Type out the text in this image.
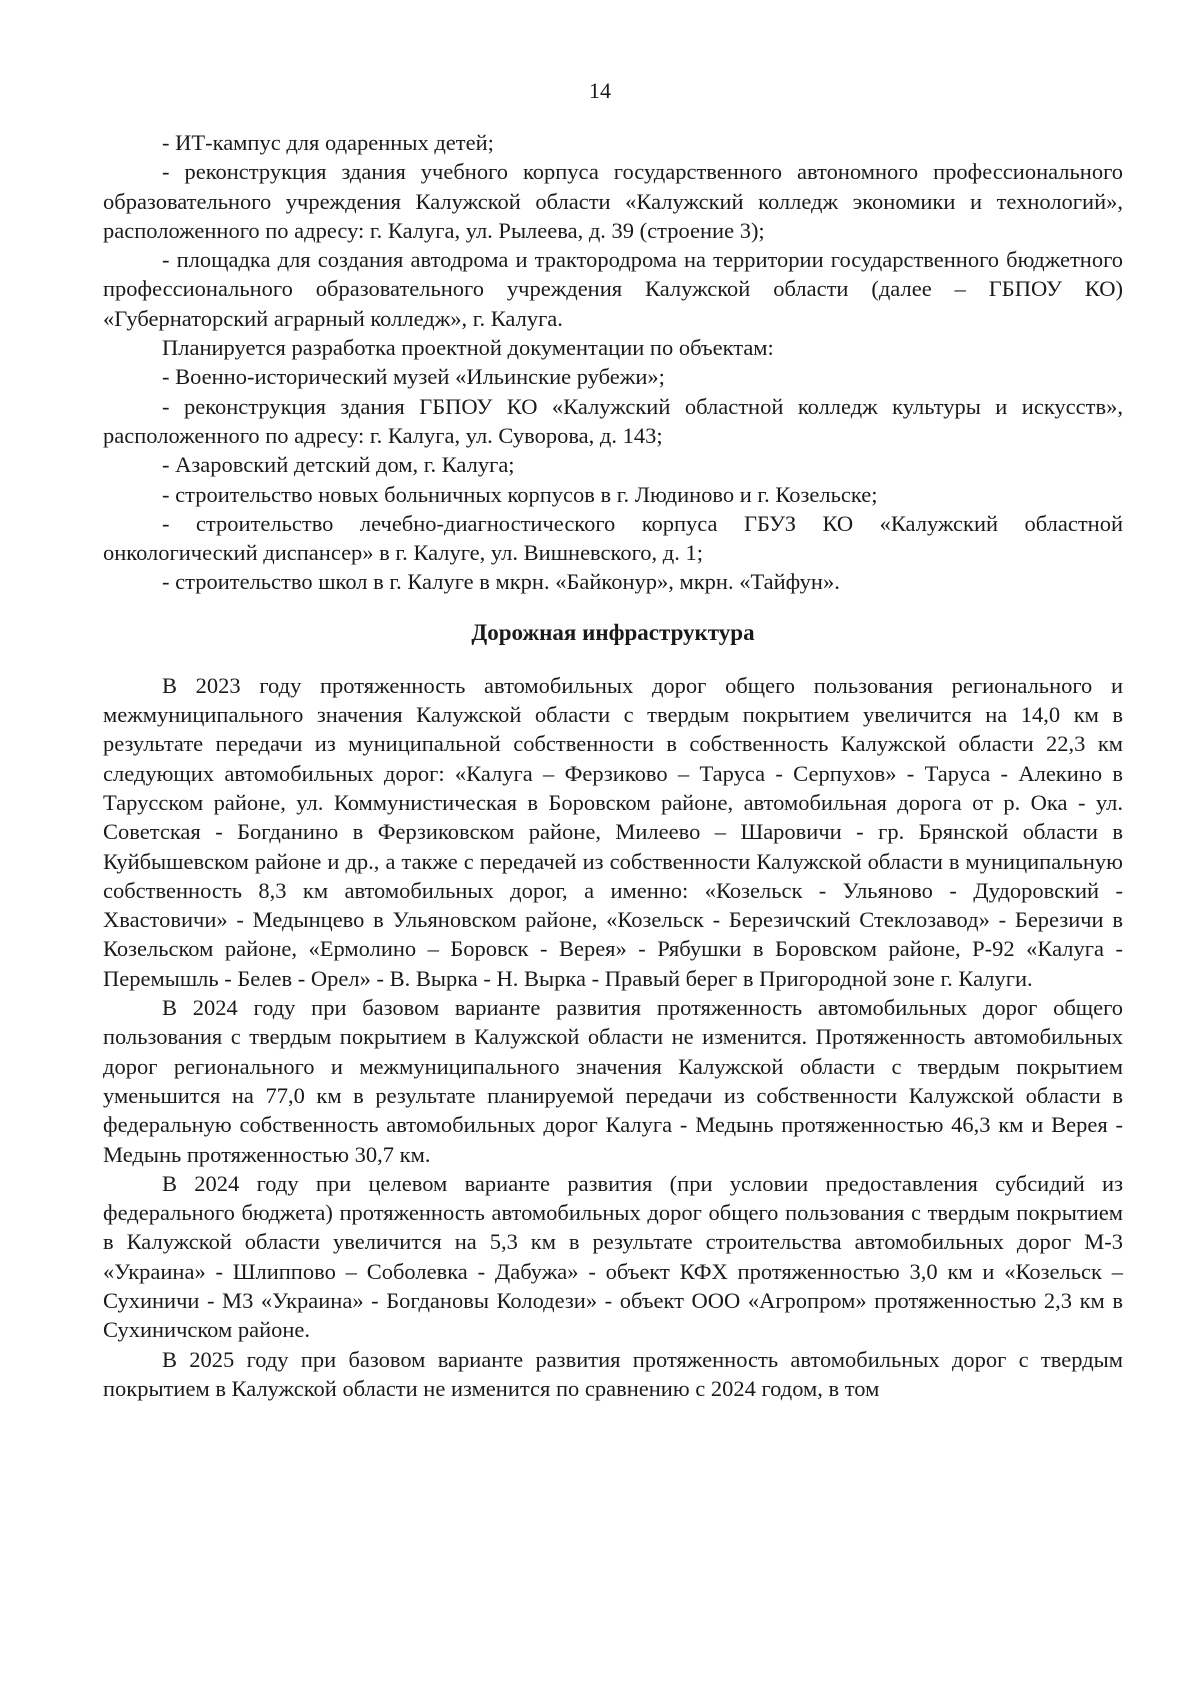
14

- ИТ-кампус для одаренных детей;

- реконструкция здания учебного корпуса государственного автономного профессионального образовательного учреждения Калужской области «Калужский колледж экономики и технологий», расположенного по адресу: г. Калуга, ул. Рылеева, д. 39 (строение 3);

- площадка для создания автодрома и трактородрома на территории государственного бюджетного профессионального образовательного учреждения Калужской области (далее – ГБПОУ КО) «Губернаторский аграрный колледж», г. Калуга.

Планируется разработка проектной документации по объектам:

- Военно-исторический музей «Ильинские рубежи»;

- реконструкция здания ГБПОУ КО «Калужский областной колледж культуры и искусств», расположенного по адресу: г. Калуга, ул. Суворова, д. 143;

- Азаровский детский дом, г. Калуга;

- строительство новых больничных корпусов в г. Людиново и г. Козельске;

- строительство лечебно-диагностического корпуса ГБУЗ КО «Калужский областной онкологический диспансер» в г. Калуге, ул. Вишневского, д. 1;

- строительство школ в г. Калуге в мкрн. «Байконур», мкрн. «Тайфун».

Дорожная инфраструктура

В 2023 году протяженность автомобильных дорог общего пользования регионального и межмуниципального значения Калужской области с твердым покрытием увеличится на 14,0 км в результате передачи из муниципальной собственности в собственность Калужской области 22,3 км следующих автомобильных дорог: «Калуга – Ферзиково – Таруса - Серпухов» - Таруса - Алекино в Тарусском районе, ул. Коммунистическая в Боровском районе, автомобильная дорога от р. Ока - ул. Советская - Богданино в Ферзиковском районе, Милеево – Шаровичи - гр. Брянской области в Куйбышевском районе и др., а также с передачей из собственности Калужской области в муниципальную собственность 8,3 км автомобильных дорог, а именно: «Козельск - Ульяново - Дудоровский - Хвастовичи» - Медынцево в Ульяновском районе, «Козельск - Березичский Стеклозавод» - Березичи в Козельском районе, «Ермолино – Боровск - Верея» - Рябушки в Боровском районе, Р-92 «Калуга - Перемышль - Белев - Орел» - В. Вырка - Н. Вырка - Правый берег в Пригородной зоне г. Калуги.

В 2024 году при базовом варианте развития протяженность автомобильных дорог общего пользования с твердым покрытием в Калужской области не изменится. Протяженность автомобильных дорог регионального и межмуниципального значения Калужской области с твердым покрытием уменьшится на 77,0 км в результате планируемой передачи из собственности Калужской области в федеральную собственность автомобильных дорог Калуга - Медынь протяженностью 46,3 км и Верея - Медынь протяженностью 30,7 км.

В 2024 году при целевом варианте развития (при условии предоставления субсидий из федерального бюджета) протяженность автомобильных дорог общего пользования с твердым покрытием в Калужской области увеличится на 5,3 км в результате строительства автомобильных дорог М-3 «Украина» - Шлиппово – Соболевка - Дабужа» - объект КФХ протяженностью 3,0 км и «Козельск – Сухиничи - М3 «Украина» - Богдановы Колодези» - объект ООО «Агропром» протяженностью 2,3 км в Сухиничском районе.

В 2025 году при базовом варианте развития протяженность автомобильных дорог с твердым покрытием в Калужской области не изменится по сравнению с 2024 годом, в том
